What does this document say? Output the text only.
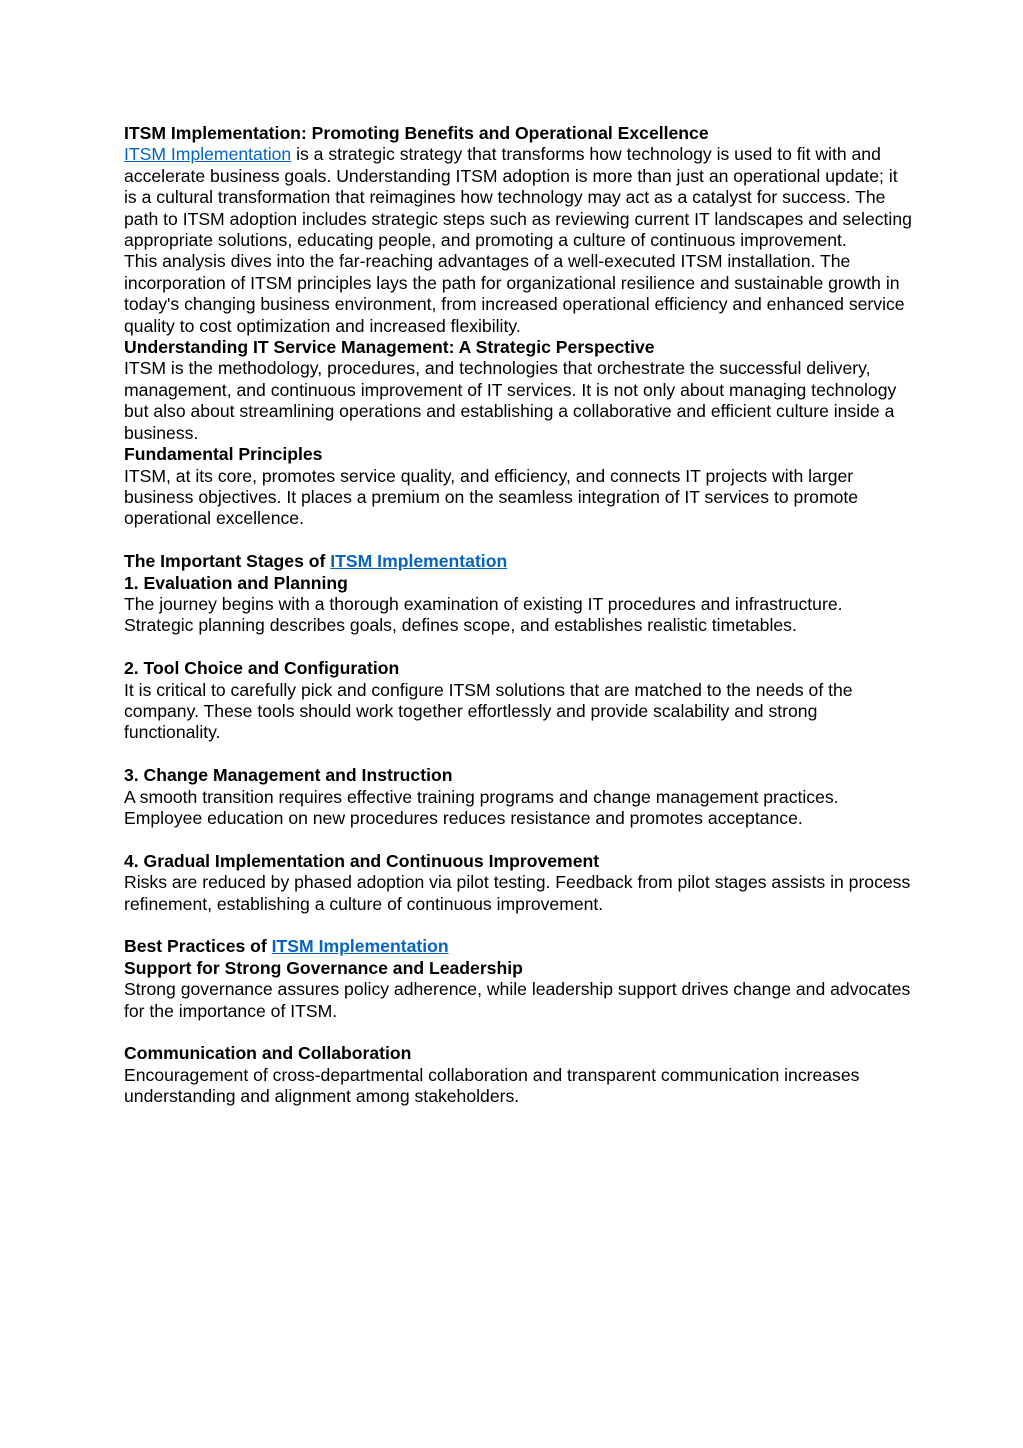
ITSM Implementation: Promoting Benefits and Operational Excellence

ITSM Implementation is a strategic strategy that transforms how technology is used to fit with and accelerate business goals. Understanding ITSM adoption is more than just an operational update; it is a cultural transformation that reimagines how technology may act as a catalyst for success. The path to ITSM adoption includes strategic steps such as reviewing current IT landscapes and selecting appropriate solutions, educating people, and promoting a culture of continuous improvement.

This analysis dives into the far-reaching advantages of a well-executed ITSM installation. The incorporation of ITSM principles lays the path for organizational resilience and sustainable growth in today's changing business environment, from increased operational efficiency and enhanced service quality to cost optimization and increased flexibility.

Understanding IT Service Management: A Strategic Perspective

ITSM is the methodology, procedures, and technologies that orchestrate the successful delivery, management, and continuous improvement of IT services. It is not only about managing technology but also about streamlining operations and establishing a collaborative and efficient culture inside a business.

Fundamental Principles

ITSM, at its core, promotes service quality, and efficiency, and connects IT projects with larger business objectives. It places a premium on the seamless integration of IT services to promote operational excellence.

The Important Stages of ITSM Implementation

1. Evaluation and Planning

The journey begins with a thorough examination of existing IT procedures and infrastructure. Strategic planning describes goals, defines scope, and establishes realistic timetables.

2. Tool Choice and Configuration

It is critical to carefully pick and configure ITSM solutions that are matched to the needs of the company. These tools should work together effortlessly and provide scalability and strong functionality.

3. Change Management and Instruction

A smooth transition requires effective training programs and change management practices. Employee education on new procedures reduces resistance and promotes acceptance.

4. Gradual Implementation and Continuous Improvement

Risks are reduced by phased adoption via pilot testing. Feedback from pilot stages assists in process refinement, establishing a culture of continuous improvement.

Best Practices of ITSM Implementation

Support for Strong Governance and Leadership

Strong governance assures policy adherence, while leadership support drives change and advocates for the importance of ITSM.

Communication and Collaboration

Encouragement of cross-departmental collaboration and transparent communication increases understanding and alignment among stakeholders.
